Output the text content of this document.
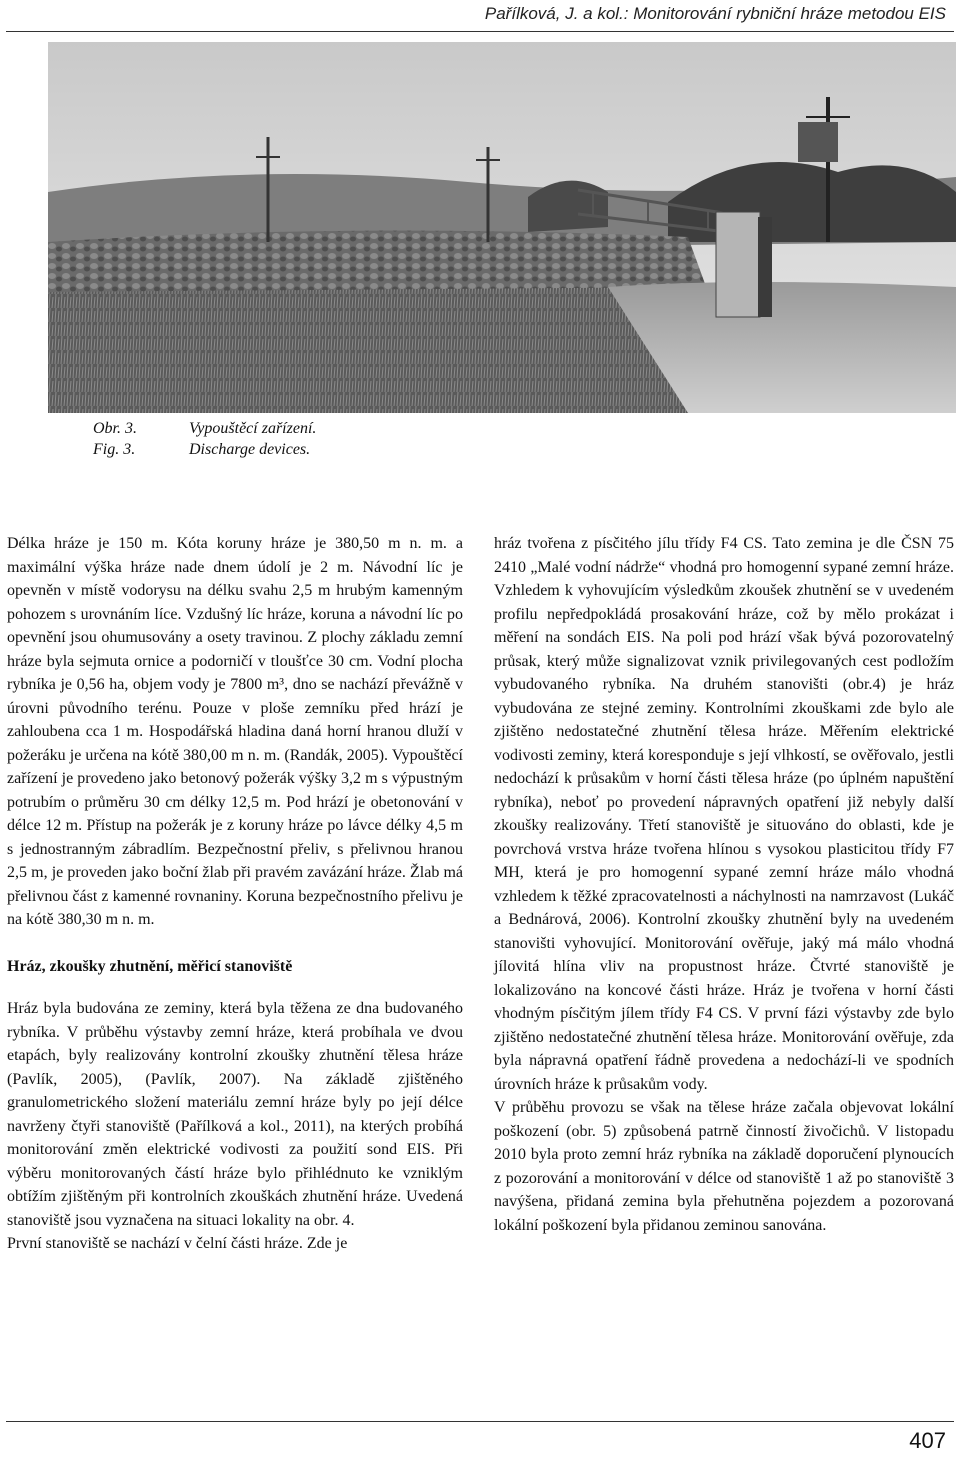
Pařílková, J. a kol.: Monitorování rybniční hráze metodou EIS
Obr. 3.	Vypouštěcí zařízení.
Fig. 3.	Discharge devices.

Délka hráze je 150 m. Kóta koruny hráze je 380,50 m n. m. a maximální výška hráze nade dnem údolí je 2 m. Návodní líc je opevněn v místě vodorysu na délku svahu 2,5 m hrubým kamenným pohozem s urovnáním líce. Vzdušný líc hráze, koruna a návodní líc po opevnění jsou ohumusovány a osety travinou. Z plochy základu zemní hráze byla sejmuta ornice a podorničí v tloušťce 30 cm. Vodní plocha rybníka je 0,56 ha, objem vody je 7800 m³, dno se nachází převážně v úrovni původního terénu. Pouze v ploše zemníku před hrází je zahloubena cca 1 m. Hospodářská hladina daná horní hranou dluží v požeráku je určena na kótě 380,00 m n. m. (Randák, 2005). Vypouštěcí zařízení je provedeno jako betonový požerák výšky 3,2 m s výpustným potrubím o průměru 30 cm délky 12,5 m. Pod hrází je obetonování v délce 12 m. Přístup na požerák je z koruny hráze po lávce délky 4,5 m s jednostranným zábradlím. Bezpečnostní přeliv, s přelivnou hranou 2,5 m, je proveden jako boční žlab při pravém zavázání hráze. Žlab má přelivnou část z kamenné rovnaniny. Koruna bezpečnostního přelivu je na kótě 380,30 m n. m.

Hráz, zkoušky zhutnění, měřicí stanoviště

Hráz byla budována ze zeminy, která byla těžena ze dna budovaného rybníka. V průběhu výstavby zemní hráze, která probíhala ve dvou etapách, byly realizovány kontrolní zkoušky zhutnění tělesa hráze (Pavlík, 2005), (Pavlík, 2007). Na základě zjištěného granulometrického složení materiálu zemní hráze byly po její délce navrženy čtyři stanoviště (Pařílková a kol., 2011), na kterých probíhá monitorování změn elektrické vodivosti za použití sond EIS. Při výběru monitorovaných částí hráze bylo přihlédnuto ke vzniklým obtížím zjištěným při kontrolních zkouškách zhutnění hráze. Uvedená stanoviště jsou vyznačena na situaci lokality na obr. 4.

První stanoviště se nachází v čelní části hráze. Zde je

hráz tvořena z písčitého jílu třídy F4 CS. Tato zemina je dle ČSN 75 2410 „Malé vodní nádrže“ vhodná pro homogenní sypané zemní hráze. Vzhledem k vyhovujícím výsledkům zkoušek zhutnění se v uvedeném profilu nepředpokládá prosakování hráze, což by mělo prokázat i měření na sondách EIS. Na poli pod hrází však bývá pozorovatelný průsak, který může signalizovat vznik privilegovaných cest podložím vybudovaného rybníka. Na druhém stanovišti (obr.4) je hráz vybudována ze stejné zeminy. Kontrolními zkouškami zde bylo ale zjištěno nedostatečné zhutnění tělesa hráze. Měřením elektrické vodivosti zeminy, která koresponduje s její vlhkostí, se ověřovalo, jestli nedochází k průsakům v horní části tělesa hráze (po úplném napuštění rybníka), neboť po provedení nápravných opatření již nebyly další zkoušky realizovány. Třetí stanoviště je situováno do oblasti, kde je povrchová vrstva hráze tvořena hlínou s vysokou plasticitou třídy F7 MH, která je pro homogenní sypané zemní hráze málo vhodná vzhledem k těžké zpracovatelnosti a náchylnosti na namrzavost (Lukáč a Bednárová, 2006). Kontrolní zkoušky zhutnění byly na uvedeném stanovišti vyhovující. Monitorování ověřuje, jaký má málo vhodná jílovitá hlína vliv na propustnost hráze. Čtvrté stanoviště je lokalizováno na koncové části hráze. Hráz je tvořena v horní části vhodným písčitým jílem třídy F4 CS. V první fázi výstavby zde bylo zjištěno nedostatečné zhutnění tělesa hráze. Monitorování ověřuje, zda byla nápravná opatření řádně provedena a nedochází-li ve spodních úrovních hráze k průsakům vody.

V průběhu provozu se však na tělese hráze začala objevovat lokální poškození (obr. 5) způsobená patrně činností živočichů. V listopadu 2010 byla proto zemní hráz rybníka na základě doporučení plynoucích z pozorování a monitorování v délce od stanoviště 1 až po stanoviště 3 navýšena, přidaná zemina byla přehutněna pojezdem a pozorovaná lokální poškození byla přidanou zeminou sanována.

407
